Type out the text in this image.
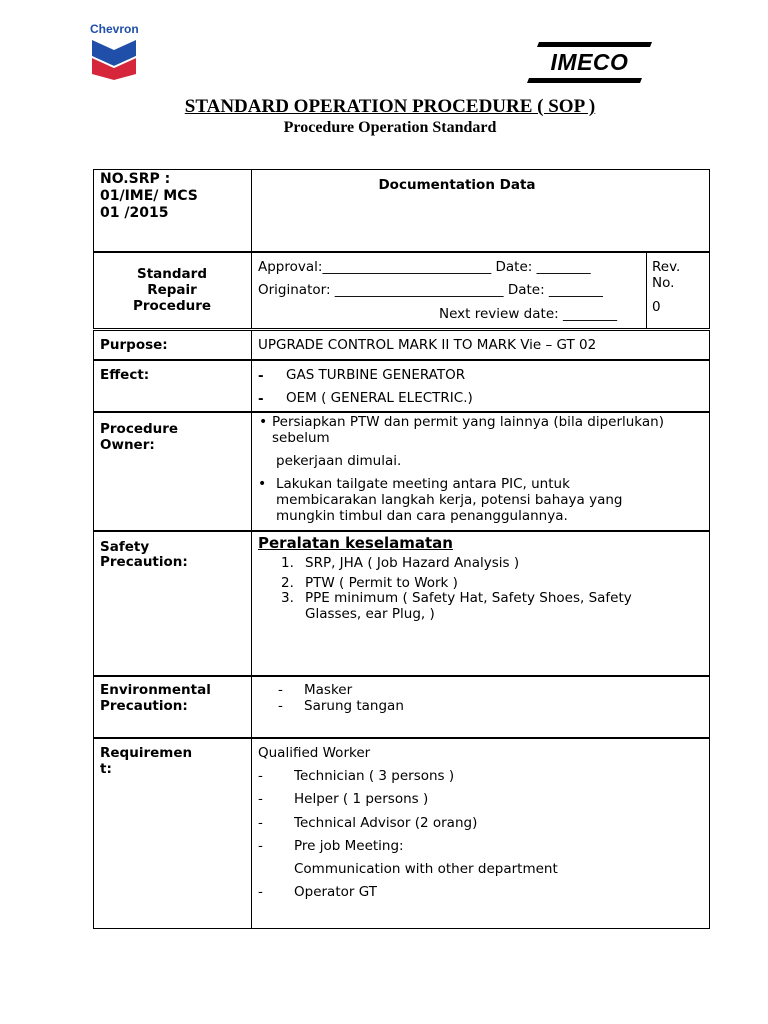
Chevron
IMECO
STANDARD OPERATION PROCEDURE ( SOP )
Procedure Operation Standard
NO.SRP :
01/IME/ MCS
01 /2015
Documentation Data
Standard
Repair
Procedure
Approval:_________________________ Date: ________
Originator: _________________________ Date: ________
Next review date: ________
Rev.
No.
0
Purpose:	UPGRADE CONTROL MARK II TO MARK Vie – GT 02
Effect:	- GAS TURBINE GENERATOR
- OEM ( GENERAL ELECTRIC.)
Procedure
Owner:
• Persiapkan PTW dan permit yang lainnya (bila diperlukan)
sebelum
pekerjaan dimulai.
• Lakukan tailgate meeting antara PIC, untuk
membicarakan langkah kerja, potensi bahaya yang
mungkin timbul dan cara penanggulannya.
Safety
Precaution:
Peralatan keselamatan
1. SRP, JHA ( Job Hazard Analysis )
2. PTW ( Permit to Work )
3. PPE minimum ( Safety Hat, Safety Shoes, Safety
Glasses, ear Plug, )
Environmental
Precaution:
- Masker
- Sarung tangan
Requiremen
t:
Qualified Worker
- Technician ( 3 persons )
- Helper ( 1 persons )
- Technical Advisor (2 orang)
- Pre job Meeting:
Communication with other department
- Operator GT
